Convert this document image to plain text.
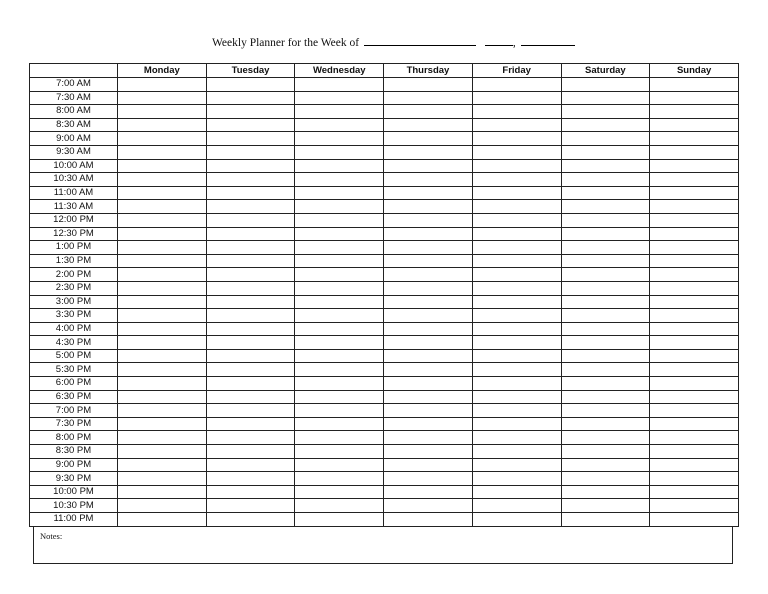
Weekly Planner for the Week of	,
	Monday	Tuesday	Wednesday	Thursday	Friday	Saturday	Sunday
7:00 AM							
7:30 AM							
8:00 AM							
8:30 AM							
9:00 AM							
9:30 AM							
10:00 AM							
10:30 AM							
11:00 AM							
11:30 AM							
12:00 PM							
12:30 PM							
1:00 PM							
1:30 PM							
2:00 PM							
2:30 PM							
3:00 PM							
3:30 PM							
4:00 PM							
4:30 PM							
5:00 PM							
5:30 PM							
6:00 PM							
6:30 PM							
7:00 PM							
7:30 PM							
8:00 PM							
8:30 PM							
9:00 PM							
9:30 PM							
10:00 PM							
10:30 PM							
11:00 PM							
Notes:
